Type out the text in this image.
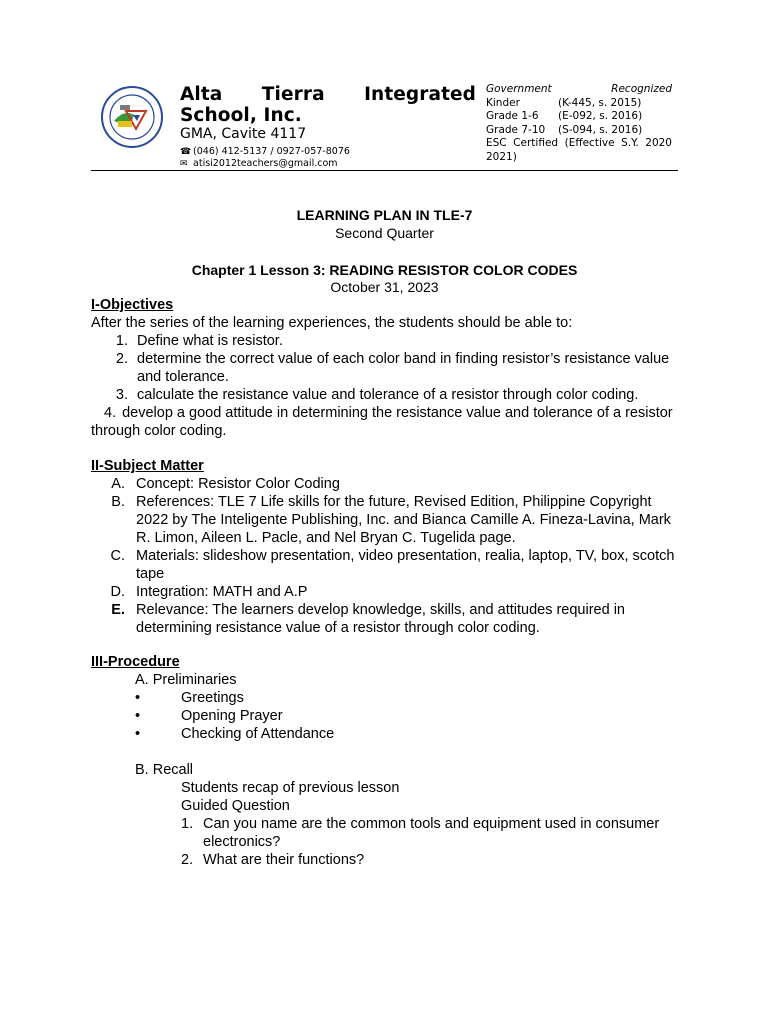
Alta Tierra Integrated School, Inc.
GMA, Cavite 4117
☎ (046) 412-5137 / 0927-057-8076
✉ atisi2012teachers@gmail.com
Government	Recognized
Kinder	(K-445, s. 2015)
Grade 1-6	(E-092, s. 2016)
Grade 7-10	(S-094, s. 2016)
ESC Certified (Effective S.Y. 2020 2021)
LEARNING PLAN IN TLE-7
Second Quarter
Chapter 1 Lesson 3: READING RESISTOR COLOR CODES
October 31, 2023
I-Objectives
After the series of the learning experiences, the students should be able to:
1. Define what is resistor.
2. determine the correct value of each color band in finding resistor’s resistance value and tolerance.
3. calculate the resistance value and tolerance of a resistor through color coding.
4. develop a good attitude in determining the resistance value and tolerance of a resistor through color coding.
II-Subject Matter
A. Concept: Resistor Color Coding
B. References: TLE 7 Life skills for the future, Revised Edition, Philippine Copyright 2022 by The Inteligente Publishing, Inc. and Bianca Camille A. Fineza-Lavina, Mark R. Limon, Aileen L. Pacle, and Nel Bryan C. Tugelida page.
C. Materials: slideshow presentation, video presentation, realia, laptop, TV, box, scotch tape
D. Integration: MATH and A.P
E. Relevance: The learners develop knowledge, skills, and attitudes required in determining resistance value of a resistor through color coding.
III-Procedure
A. Preliminaries
•	Greetings
•	Opening Prayer
•	Checking of Attendance
B. Recall
Students recap of previous lesson
Guided Question
1. Can you name are the common tools and equipment used in consumer electronics?
2. What are their functions?
